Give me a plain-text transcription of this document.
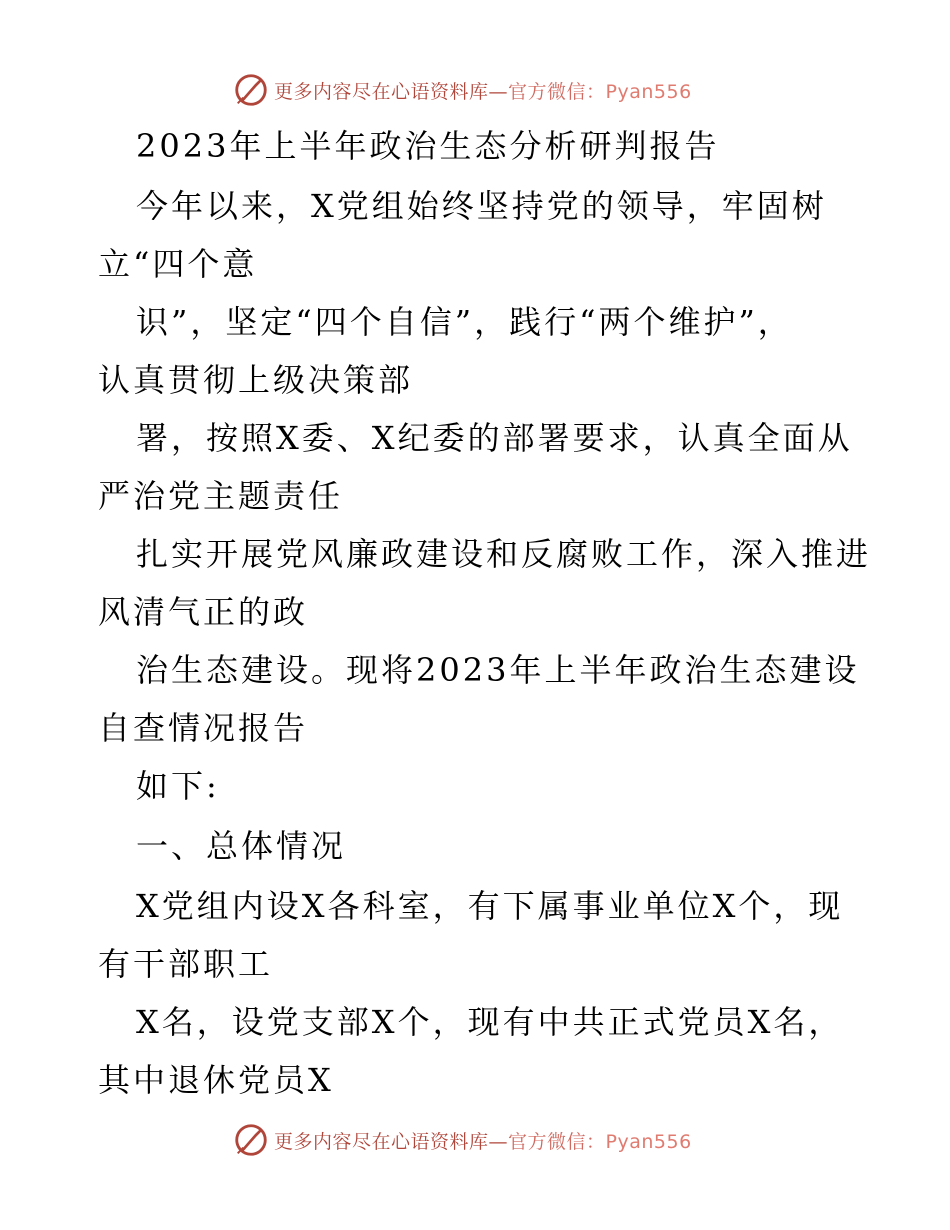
更多内容尽在心语资料库—官方微信：Pyan556
2023年上半年政治生态分析研判报告
今年以来，X党组始终坚持党的领导，牢固树
立“四个意
识”，坚定“四个自信”，践行“两个维护”，
认真贯彻上级决策部
署，按照X委、X纪委的部署要求，认真全面从
严治党主题责任
扎实开展党风廉政建设和反腐败工作，深入推进
风清气正的政
治生态建设。现将2023年上半年政治生态建设
自查情况报告
如下:
一、总体情况
X党组内设X各科室，有下属事业单位X个，现
有干部职工
X名，设党支部X个，现有中共正式党员X名，
其中退休党员X
更多内容尽在心语资料库—官方微信：Pyan556
